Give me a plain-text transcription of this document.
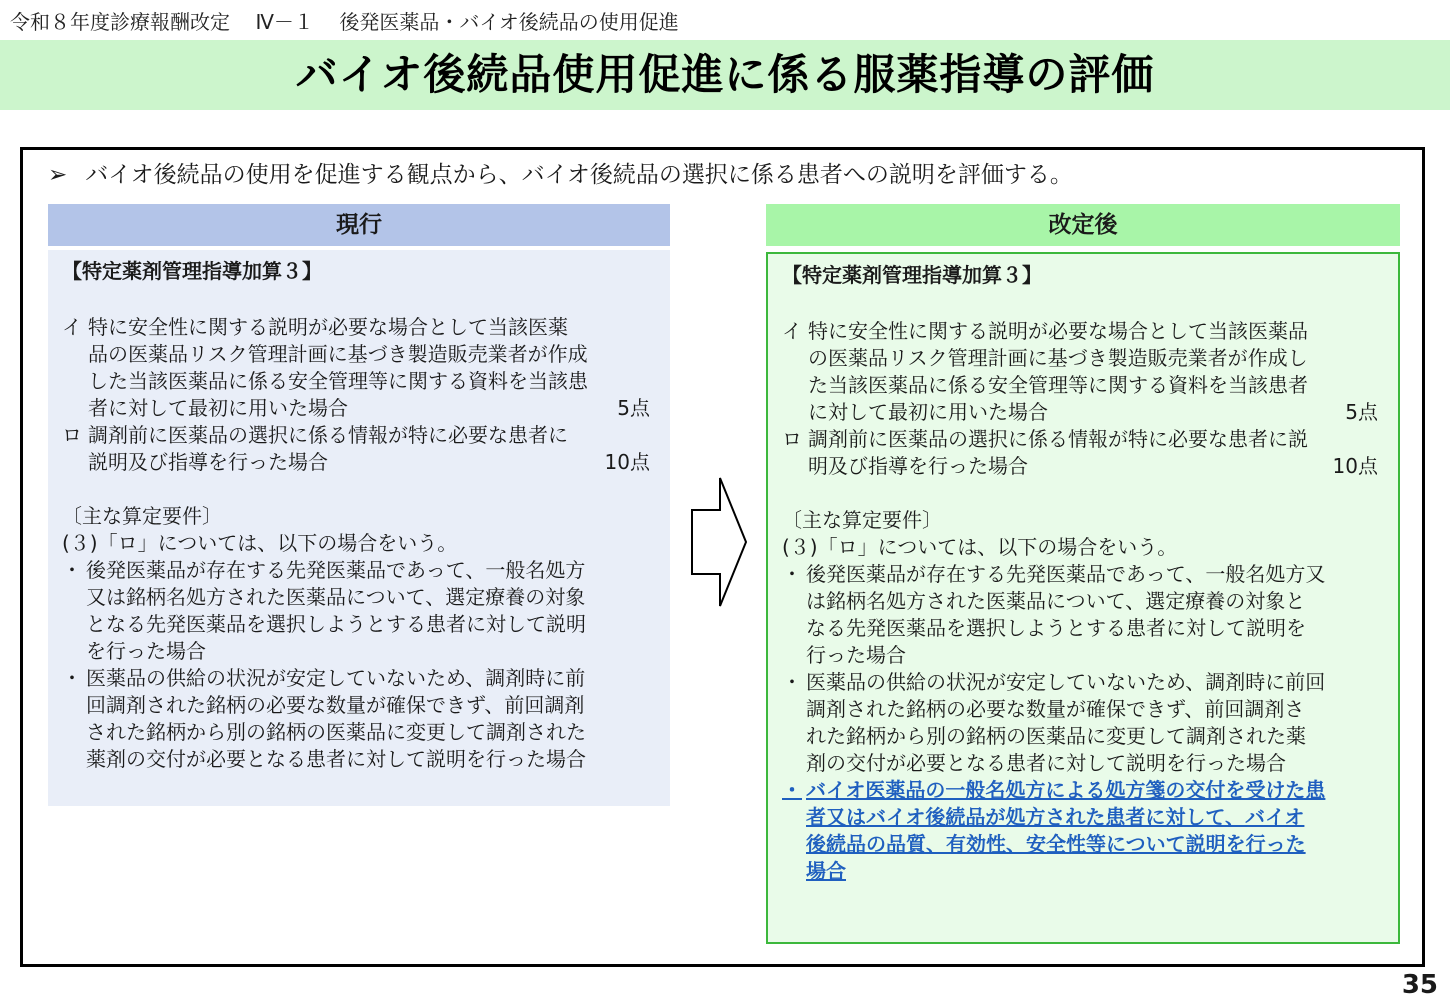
令和８年度診療報酬改定 Ⅳ－１ 後発医薬品・バイオ後続品の使用促進
バイオ後続品使用促進に係る服薬指導の評価
➢ バイオ後続品の使用を促進する観点から、バイオ後続品の選択に係る患者への説明を評価する。
現行
【特定薬剤管理指導加算３】
イ 特に安全性に関する説明が必要な場合として当該医薬
品の医薬品リスク管理計画に基づき製造販売業者が作成
した当該医薬品に係る安全管理等に関する資料を当該患
者に対して最初に用いた場合	5点
ロ 調剤前に医薬品の選択に係る情報が特に必要な患者に
説明及び指導を行った場合	10点
〔主な算定要件〕
(３)「ロ」については、以下の場合をいう。
・ 後発医薬品が存在する先発医薬品であって、一般名処方
又は銘柄名処方された医薬品について、選定療養の対象
となる先発医薬品を選択しようとする患者に対して説明
を行った場合
・ 医薬品の供給の状況が安定していないため、調剤時に前
回調剤された銘柄の必要な数量が確保できず、前回調剤
された銘柄から別の銘柄の医薬品に変更して調剤された
薬剤の交付が必要となる患者に対して説明を行った場合
改定後
【特定薬剤管理指導加算３】
イ 特に安全性に関する説明が必要な場合として当該医薬品
の医薬品リスク管理計画に基づき製造販売業者が作成し
た当該医薬品に係る安全管理等に関する資料を当該患者
に対して最初に用いた場合	5点
ロ 調剤前に医薬品の選択に係る情報が特に必要な患者に説
明及び指導を行った場合	10点
〔主な算定要件〕
(３)「ロ」については、以下の場合をいう。
・ 後発医薬品が存在する先発医薬品であって、一般名処方又
は銘柄名処方された医薬品について、選定療養の対象と
なる先発医薬品を選択しようとする患者に対して説明を
行った場合
・ 医薬品の供給の状況が安定していないため、調剤時に前回
調剤された銘柄の必要な数量が確保できず、前回調剤さ
れた銘柄から別の銘柄の医薬品に変更して調剤された薬
剤の交付が必要となる患者に対して説明を行った場合
・ バイオ医薬品の一般名処方による処方箋の交付を受けた患
者又はバイオ後続品が処方された患者に対して、バイオ
後続品の品質、有効性、安全性等について説明を行った
場合
35
